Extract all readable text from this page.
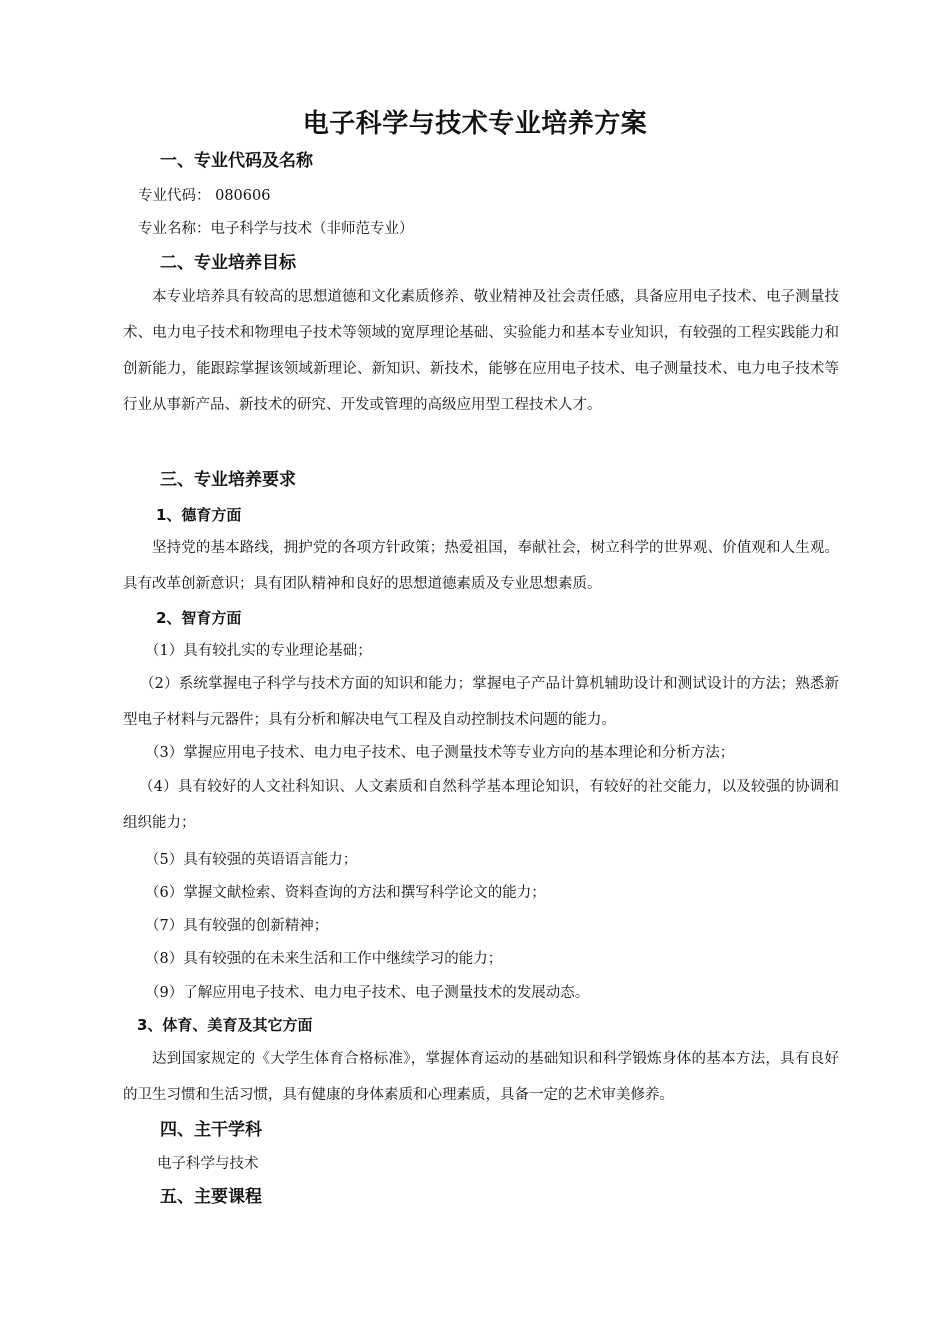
电子科学与技术专业培养方案
一、专业代码及名称
专业代码： 080606
专业名称：电子科学与技术（非师范专业）
二、专业培养目标
本专业培养具有较高的思想道德和文化素质修养、敬业精神及社会责任感，具备应用电子技术、电子测量技术、电力电子技术和物理电子技术等领域的宽厚理论基础、实验能力和基本专业知识，有较强的工程实践能力和创新能力，能跟踪掌握该领域新理论、新知识、新技术，能够在应用电子技术、电子测量技术、电力电子技术等行业从事新产品、新技术的研究、开发或管理的高级应用型工程技术人才。
三、专业培养要求
1、德育方面
坚持党的基本路线，拥护党的各项方针政策；热爱祖国，奉献社会，树立科学的世界观、价值观和人生观。具有改革创新意识；具有团队精神和良好的思想道德素质及专业思想素质。
2、智育方面
（1）具有较扎实的专业理论基础；
（2）系统掌握电子科学与技术方面的知识和能力；掌握电子产品计算机辅助设计和测试设计的方法；熟悉新型电子材料与元器件；具有分析和解决电气工程及自动控制技术问题的能力。
（3）掌握应用电子技术、电力电子技术、电子测量技术等专业方向的基本理论和分析方法；
（4）具有较好的人文社科知识、人文素质和自然科学基本理论知识，有较好的社交能力，以及较强的协调和组织能力；
（5）具有较强的英语语言能力；
（6）掌握文献检索、资料查询的方法和撰写科学论文的能力；
（7）具有较强的创新精神；
（8）具有较强的在未来生活和工作中继续学习的能力；
（9）了解应用电子技术、电力电子技术、电子测量技术的发展动态。
3、体育、美育及其它方面
达到国家规定的《大学生体育合格标准》，掌握体育运动的基础知识和科学锻炼身体的基本方法，具有良好的卫生习惯和生活习惯，具有健康的身体素质和心理素质，具备一定的艺术审美修养。
四、主干学科
电子科学与技术
五、主要课程
